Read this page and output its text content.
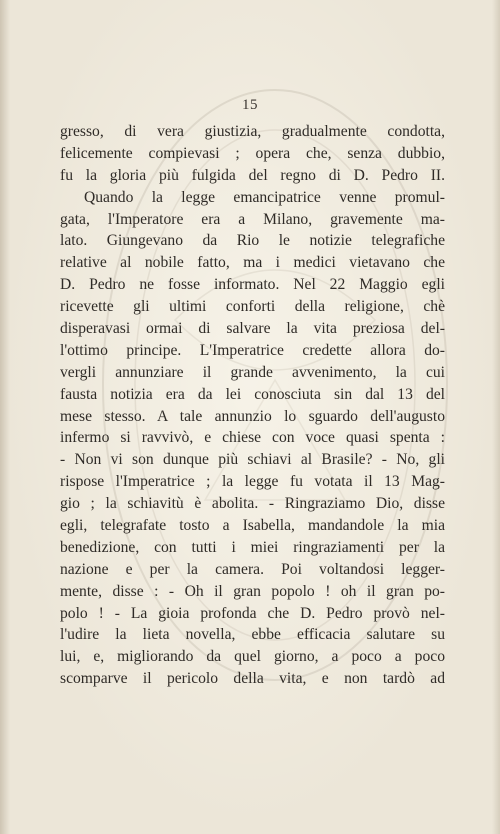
15
gresso, di vera giustizia, gradualmente condotta,
felicemente compievasi ; opera che, senza dubbio,
fu la gloria più fulgida del regno di D. Pedro II.
Quando la legge emancipatrice venne promul-
gata, l'Imperatore era a Milano, gravemente ma-
lato. Giungevano da Rio le notizie telegrafiche
relative al nobile fatto, ma i medici vietavano che
D. Pedro ne fosse informato. Nel 22 Maggio egli
ricevette gli ultimi conforti della religione, chè
disperavasi ormai di salvare la vita preziosa del-
l'ottimo principe. L'Imperatrice credette allora do-
vergli annunziare il grande avvenimento, la cui
fausta notizia era da lei conosciuta sin dal 13 del
mese stesso. A tale annunzio lo sguardo dell'augusto
infermo si ravvivò, e chiese con voce quasi spenta :
- Non vi son dunque più schiavi al Brasile? - No, gli
rispose l'Imperatrice ; la legge fu votata il 13 Mag-
gio ; la schiavitù è abolita. - Ringraziamo Dio, disse
egli, telegrafate tosto a Isabella, mandandole la mia
benedizione, con tutti i miei ringraziamenti per la
nazione e per la camera. Poi voltandosi legger-
mente, disse : - Oh il gran popolo ! oh il gran po-
polo ! - La gioia profonda che D. Pedro provò nel-
l'udire la lieta novella, ebbe efficacia salutare su
lui, e, migliorando da quel giorno, a poco a poco
scomparve il pericolo della vita, e non tardò ad
